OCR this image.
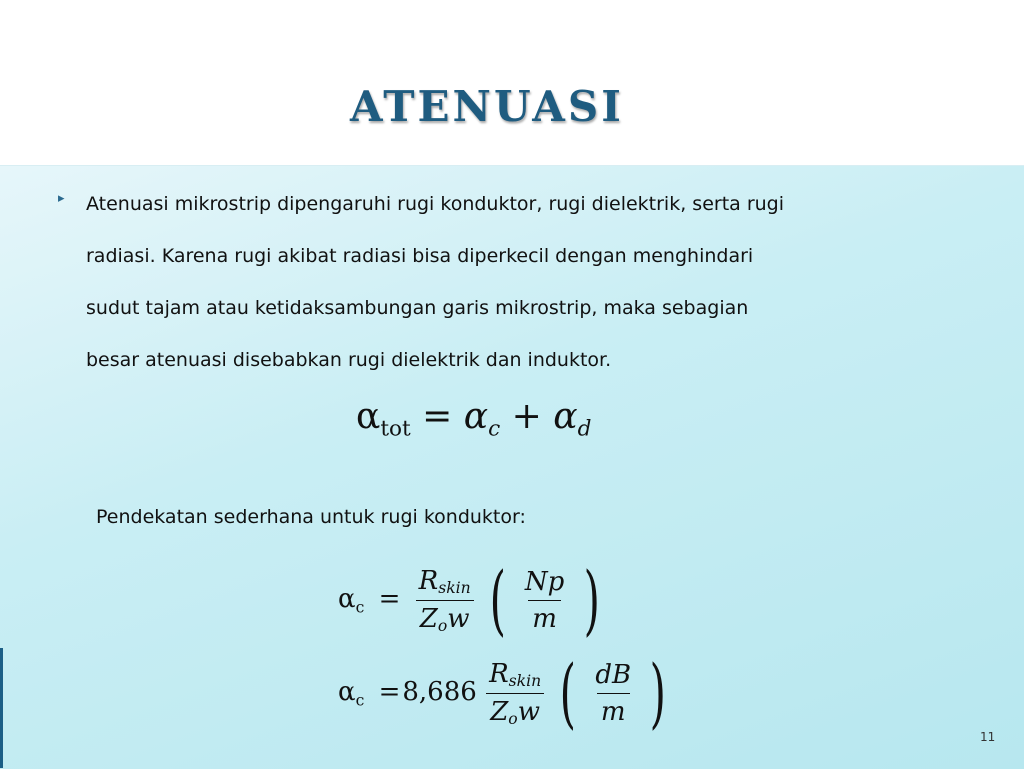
ATENUASI
▸ Atenuasi mikrostrip dipengaruhi rugi konduktor, rugi dielektrik, serta rugi
radiasi. Karena rugi akibat radiasi bisa diperkecil dengan menghindari
sudut tajam atau ketidaksambungan garis mikrostrip, maka sebagian
besar atenuasi disebabkan rugi dielektrik dan induktor.
$\alpha_{tot} = \alpha_c + \alpha_d$
Pendekatan sederhana untuk rugi konduktor:
$\alpha_c = \frac{\text{Rskin}}{\text{Zow}}$ ( $\frac{Np}{m}$ )
$\alpha_c =8,686 \frac{\text{Rskin}}{\text{Zow}}$ ( $\frac{dB}{m}$ )	11
